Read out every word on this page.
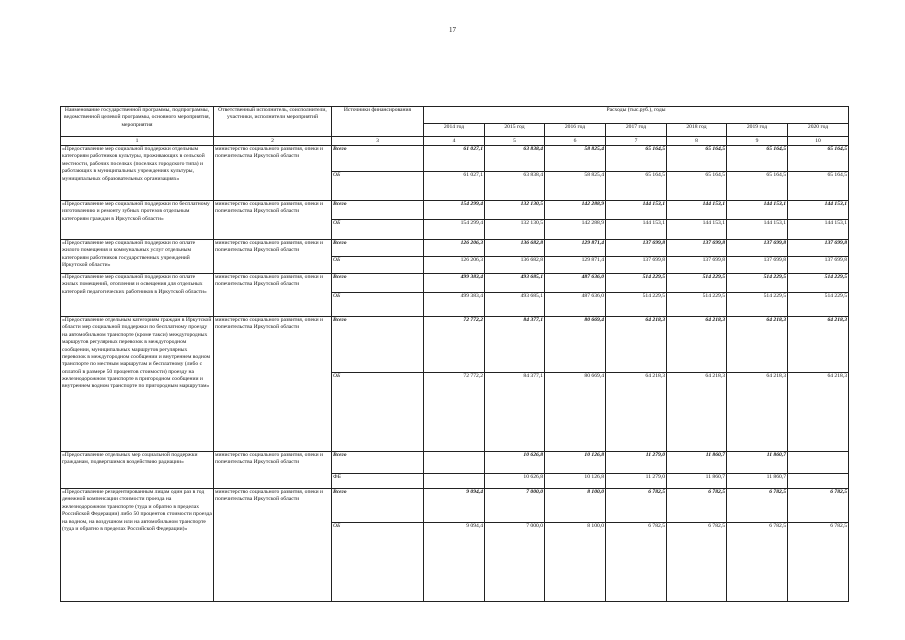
17
Наименование государственной программы, подпрограммы, ведомственной целевой программы, основного мероприятия, мероприятия	Ответственный исполнитель, соисполнители, участники, исполнители мероприятий	Источники финансирования	Расходы (тыс.руб.), годы						
			2014 год	2015 год	2016 год	2017 год	2018 год	2019 год	2020 год
1	2	3	4	5	6	7	8	9	10
«Предоставление мер социальной поддержки отдельным категориям работников культуры, проживающих в сельской местности, рабочих поселках (поселках городского типа) и работающих в муниципальных учреждениях культуры, муниципальных образовательных организациях»	министерство социального развития, опеки и попечительства Иркутской области	Всего	61 027,1	63 838,4	58 825,4	65 164,5	65 164,5	65 164,5	65 164,5
		ОБ	61 027,1	63 838,4	58 825,4	65 164,5	65 164,5	65 164,5	65 164,5
«Предоставление мер социальной поддержки по бесплатному изготовлению и ремонту зубных протезов отдельным категориям граждан в Иркутской области»	министерство социального развития, опеки и попечительства Иркутской области	Всего	154 299,4	132 130,5	142 288,9	144 153,1	144 153,1	144 153,1	144 153,1
		ОБ	154 299,4	132 130,5	142 288,9	144 153,1	144 153,1	144 153,1	144 153,1
«Предоставление мер социальной поддержки по оплате жилого помещения и коммунальных услуг отдельным категориям работников государственных учреждений Иркутской области»	министерство социального развития, опеки и попечительства Иркутской области	Всего	126 206,3	136 682,8	129 871,4	137 699,8	137 699,8	137 699,8	137 699,8
		ОБ	126 206,3	136 682,8	129 871,4	137 699,8	137 699,8	137 699,8	137 699,8
«Предоставление мер социальной поддержки по оплате жилых помещений, отопления и освещения для отдельных категорий педагогических работников в Иркутской области»	министерство социального развития, опеки и попечительства Иркутской области	Всего	499 383,4	493 685,1	487 636,0	514 229,5	514 229,5	514 229,5	514 229,5
		ОБ	499 383,4	493 685,1	487 636,0	514 229,5	514 229,5	514 229,5	514 229,5
«Предоставление отдельным категориям граждан в Иркутской области мер социальной поддержки по бесплатному проезду на автомобильном транспорте (кроме такси) междугородных маршрутов регулярных перевозок в междугородном сообщении, муниципальных маршрутов регулярных перевозок в междугородном сообщении и внутреннем водном транспорте по местным маршрутам и бесплатному (либо с оплатой в размере 50 процентов стоимости) проезду на железнодорожном транспорте в пригородном сообщении и внутреннем водном транспорте по пригородным маршрутам»	министерство социального развития, опеки и попечительства Иркутской области	Всего	72 772,2	84 377,1	80 669,4	64 218,3	64 218,3	64 218,3	64 218,3
		ОБ	72 772,2	84 377,1	80 669,4	64 218,3	64 218,3	64 218,3	64 218,3
«Предоставление отдельных мер социальной поддержки гражданам, подвергшимся воздействию радиации»	министерство социального развития, опеки и попечительства Иркутской области	Всего		10 626,8	10 126,8	11 279,0	11 860,7	11 860,7	
		ФБ		10 626,8	10 126,8	11 279,0	11 860,7	11 860,7	
«Предоставление резидентированным лицам один раз в год денежной компенсации стоимости проезда на железнодорожном транспорте (туда и обратно в пределах Российской Федерации) либо 50 процентов стоимости проезда на водном, на воздушном или на автомобильном транспорте (туда и обратно в пределах Российской Федерации)»	министерство социального развития, опеки и попечительства Иркутской области	Всего	9 094,4	7 000,0	8 100,0	6 782,5	6 782,5	6 782,5	6 782,5
		ОБ	9 094,4	7 000,0	8 100,0	6 782,5	6 782,5	6 782,5	6 782,5
